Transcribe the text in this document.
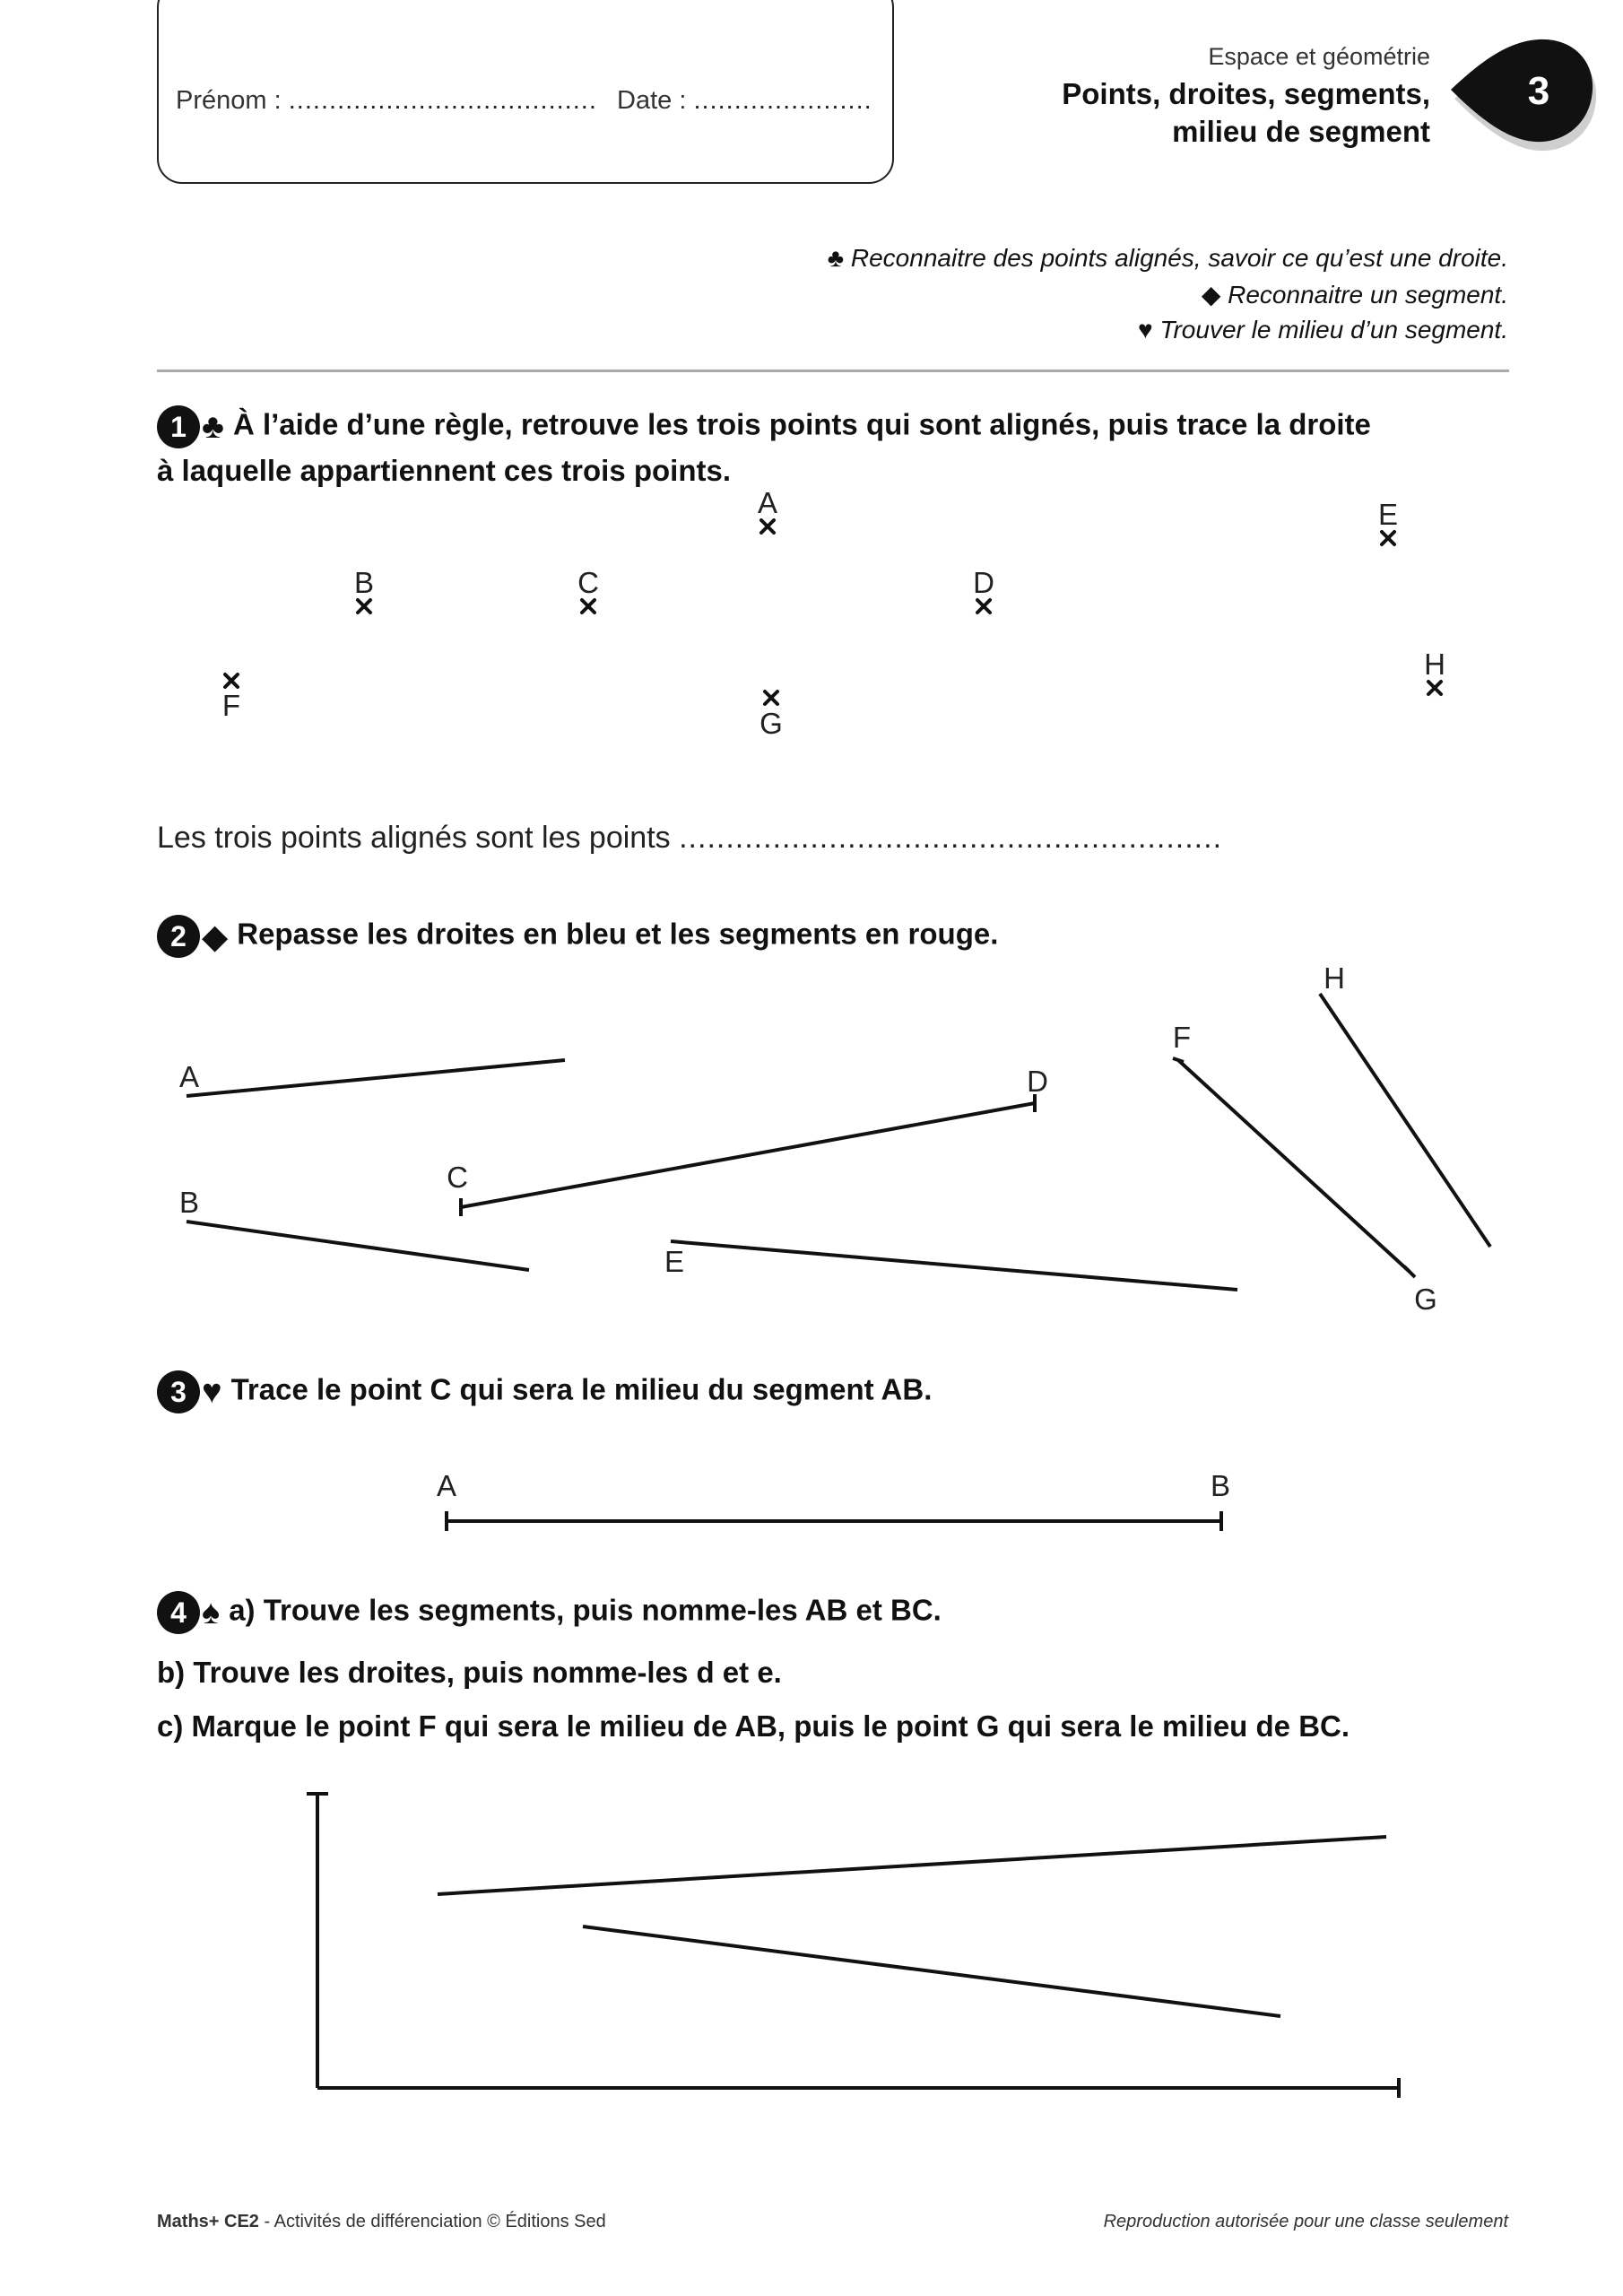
Prénom : ...................................... Date : ......................
Espace et géométrie
Points, droites, segments,
milieu de segment
3
♣ Reconnaitre des points alignés, savoir ce qu’est une droite.
◆ Reconnaitre un segment.
♥ Trouver le milieu d’un segment.
1 ♣ À l’aide d’une règle, retrouve les trois points qui sont alignés, puis trace la droite
à laquelle appartiennent ces trois points.
A	E
B	C	D
F
G
H
Les trois points alignés sont les points ..........................................................
2 ◆ Repasse les droites en bleu et les segments en rouge.
A
B
C
D
E
F
G
H
3 ♥ Trace le point C qui sera le milieu du segment AB.
A	B
4 ♠ a) Trouve les segments, puis nomme-les AB et BC.
b) Trouve les droites, puis nomme-les d et e.
c) Marque le point F qui sera le milieu de AB, puis le point G qui sera le milieu de BC.
Maths+ CE2 - Activités de différenciation © Éditions Sed	Reproduction autorisée pour une classe seulement
